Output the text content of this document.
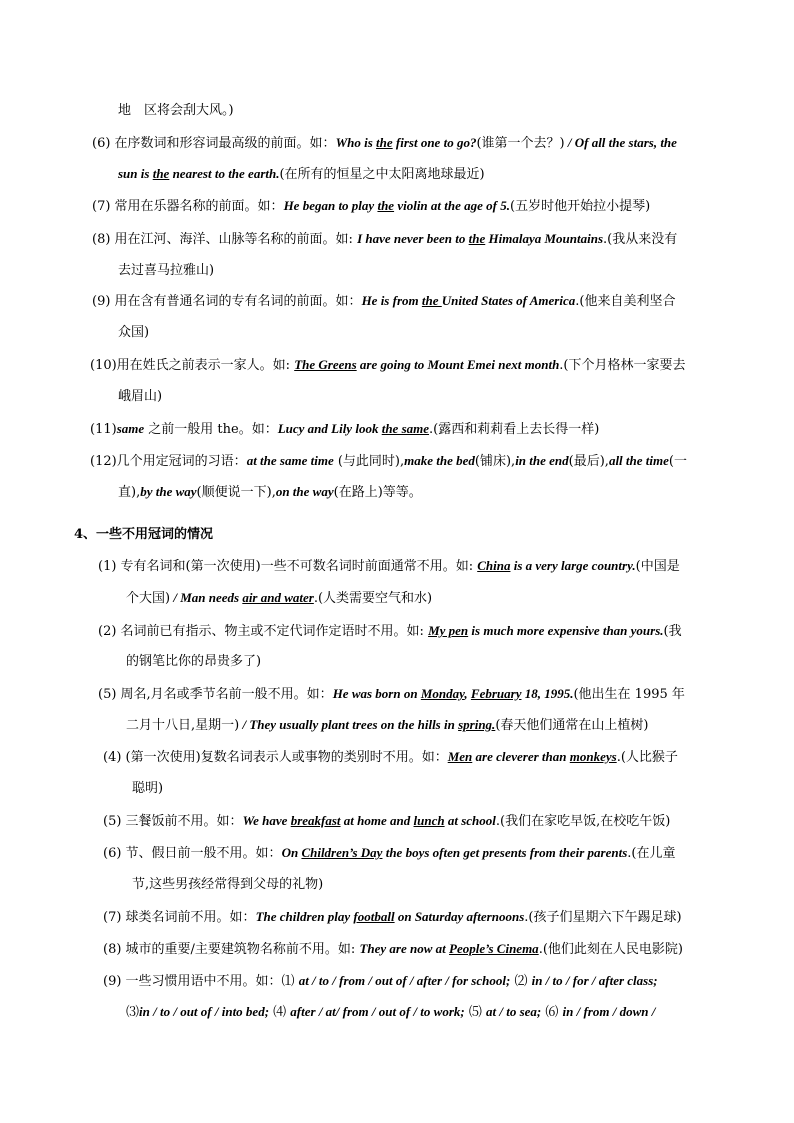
地　区将会刮大风。)
(6) 在序数词和形容词最高级的前面。如：Who is the first one to go?(谁第一个去？) / Of all the stars, the
sun is the nearest to the earth.(在所有的恒星之中太阳离地球最近)
(7) 常用在乐器名称的前面。如：He began to play the violin at the age of 5.(五岁时他开始拉小提琴)
(8) 用在江河、海洋、山脉等名称的前面。如: I have never been to the Himalaya Mountains.(我从来没有
去过喜马拉雅山)
(9) 用在含有普通名词的专有名词的前面。如：He is from the United States of America.(他来自美利坚合
众国)
(10)用在姓氏之前表示一家人。如: The Greens are going to Mount Emei next month.(下个月格林一家要去
峨眉山)
(11)same 之前一般用 the。如：Lucy and Lily look the same.(露西和莉莉看上去长得一样)
(12)几个用定冠词的习语：at the same time (与此同时),make the bed(铺床),in the end(最后),all the time(一
直),by the way(顺便说一下),on the way(在路上)等等。
4、一些不用冠词的情况
(1) 专有名词和(第一次使用)一些不可数名词时前面通常不用。如: China is a very large country.(中国是
个大国) / Man needs air and water.(人类需要空气和水)
(2) 名词前已有指示、物主或不定代词作定语时不用。如: My pen is much more expensive than yours.(我
的钢笔比你的昂贵多了)
(5) 周名,月名或季节名前一般不用。如：He was born on Monday, February 18, 1995.(他出生在 1995 年
二月十八日,星期一) / They usually plant trees on the hills in spring.(春天他们通常在山上植树)
(4) (第一次使用)复数名词表示人或事物的类别时不用。如：Men are cleverer than monkeys.(人比猴子
聪明)
(5) 三餐饭前不用。如：We have breakfast at home and lunch at school.(我们在家吃早饭,在校吃午饭)
(6) 节、假日前一般不用。如：On Children’s Day the boys often get presents from their parents.(在儿童
节,这些男孩经常得到父母的礼物)
(7) 球类名词前不用。如：The children play football on Saturday afternoons.(孩子们星期六下午踢足球)
(8) 城市的重要/主要建筑物名称前不用。如: They are now at People’s Cinema.(他们此刻在人民电影院)
(9) 一些习惯用语中不用。如：⑴ at / to / from / out of / after / for school; ⑵ in / to / for / after class;
⑶in / to / out of / into bed; ⑷ after / at/ from / out of / to work; ⑸ at / to sea; ⑹ in / from / down /
